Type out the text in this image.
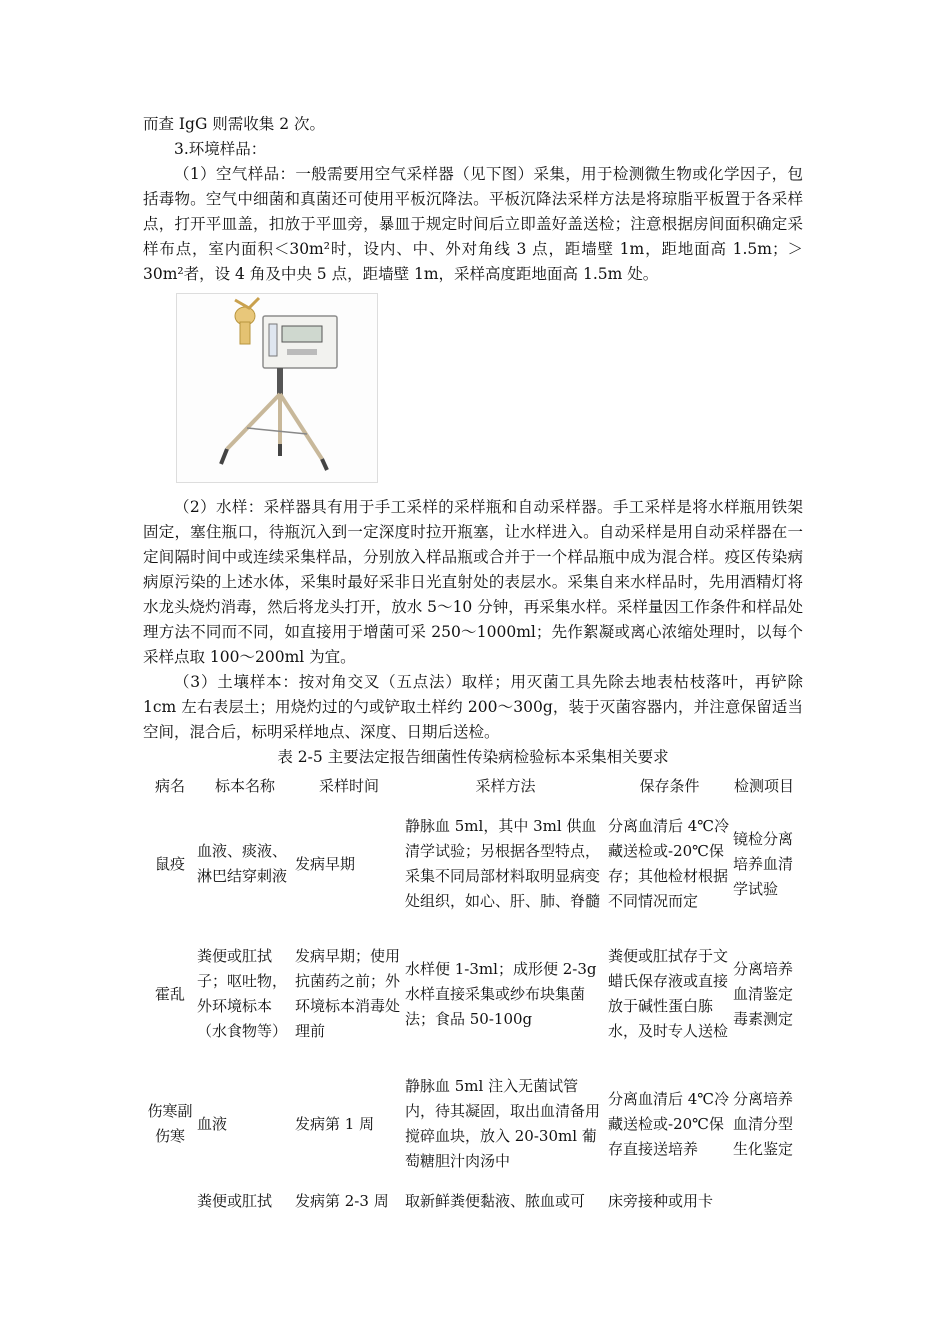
而查 IgG 则需收集 2 次。

3.环境样品：

（1）空气样品：一般需要用空气采样器（见下图）采集，用于检测微生物或化学因子，包括毒物。空气中细菌和真菌还可使用平板沉降法。平板沉降法采样方法是将琼脂平板置于各采样点，打开平皿盖，扣放于平皿旁，暴皿于规定时间后立即盖好盖送检；注意根据房间面积确定采样布点，室内面积＜30m²时，设内、中、外对角线 3 点，距墙壁 1m，距地面高 1.5m；＞30m²者，设 4 角及中央 5 点，距墙壁 1m，采样高度距地面高 1.5m 处。

（2）水样：采样器具有用于手工采样的采样瓶和自动采样器。手工采样是将水样瓶用铁架固定，塞住瓶口，待瓶沉入到一定深度时拉开瓶塞，让水样进入。自动采样是用自动采样器在一定间隔时间中或连续采集样品，分别放入样品瓶或合并于一个样品瓶中成为混合样。疫区传染病病原污染的上述水体，采集时最好采非日光直射处的表层水。采集自来水样品时，先用酒精灯将水龙头烧灼消毒，然后将龙头打开，放水 5～10 分钟，再采集水样。采样量因工作条件和样品处理方法不同而不同，如直接用于增菌可采 250～1000ml；先作絮凝或离心浓缩处理时，以每个采样点取 100～200ml 为宜。

（3）土壤样本：按对角交叉（五点法）取样；用灭菌工具先除去地表枯枝落叶，再铲除 1cm 左右表层土；用烧灼过的勺或铲取土样约 200～300g，装于灭菌容器内，并注意保留适当空间，混合后，标明采样地点、深度、日期后送检。

表 2-5 主要法定报告细菌性传染病检验标本采集相关要求

病名	标本名称	采样时间	采样方法	保存条件	检测项目
鼠疫	血液、痰液、淋巴结穿刺液	发病早期	静脉血 5ml，其中 3ml 供血清学试验；另根据各型特点，采集不同局部材料取明显病变处组织，如心、肝、肺、脊髓	分离血清后 4℃冷藏送检或-20℃保存；其他检材根据不同情况而定	镜检分离培养血清学试验
霍乱	粪便或肛拭子；呕吐物，外环境标本（水食物等）	发病早期；使用抗菌药之前；外环境标本消毒处理前	水样便 1-3ml；成形便 2-3g 水样直接采集或纱布块集菌法；食品 50-100g	粪便或肛拭存于文蜡氏保存液或直接放于碱性蛋白胨水，及时专人送检	分离培养血清鉴定毒素测定
伤寒副伤寒	血液	发病第 1 周	静脉血 5ml 注入无菌试管内，待其凝固，取出血清备用搅碎血块，放入 20-30ml 葡萄糖胆汁肉汤中	分离血清后 4℃冷藏送检或-20℃保存直接送培养	分离培养血清分型生化鉴定
	粪便或肛拭	发病第 2-3 周	取新鲜粪便黏液、脓血或可	床旁接种或用卡	
